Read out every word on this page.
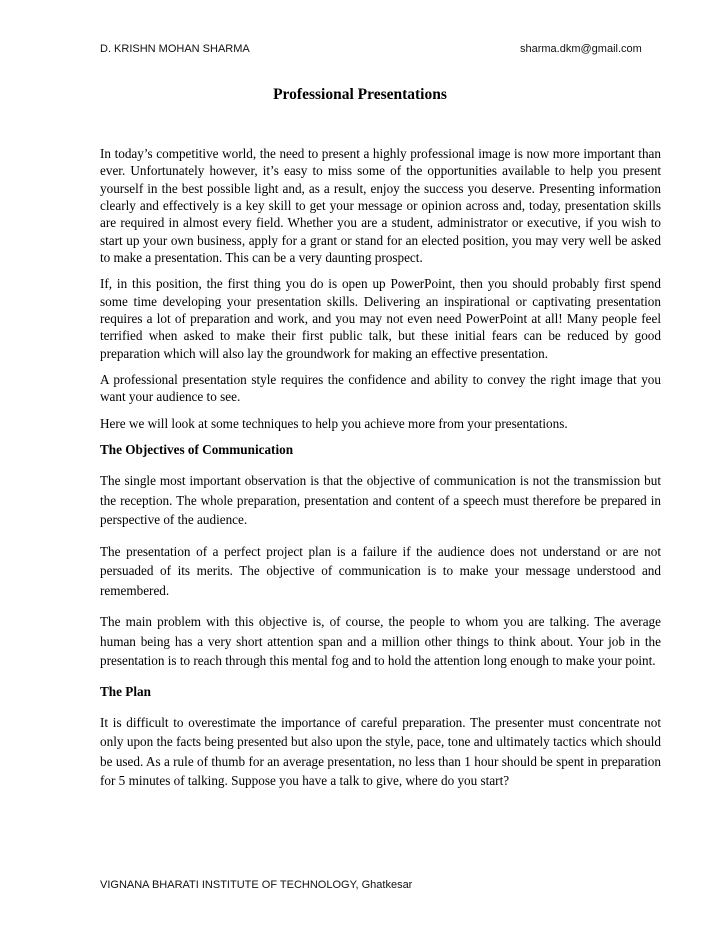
D. KRISHN MOHAN SHARMA	sharma.dkm@gmail.com
Professional Presentations

In today’s competitive world, the need to present a highly professional image is now more important than ever. Unfortunately however, it’s easy to miss some of the opportunities available to help you present yourself in the best possible light and, as a result, enjoy the success you deserve. Presenting information clearly and effectively is a key skill to get your message or opinion across and, today, presentation skills are required in almost every field. Whether you are a student, administrator or executive, if you wish to start up your own business, apply for a grant or stand for an elected position, you may very well be asked to make a presentation. This can be a very daunting prospect.

If, in this position, the first thing you do is open up PowerPoint, then you should probably first spend some time developing your presentation skills. Delivering an inspirational or captivating presentation requires a lot of preparation and work, and you may not even need PowerPoint at all! Many people feel terrified when asked to make their first public talk, but these initial fears can be reduced by good preparation which will also lay the groundwork for making an effective presentation.

A professional presentation style requires the confidence and ability to convey the right image that you want your audience to see.

Here we will look at some techniques to help you achieve more from your presentations.

The Objectives of Communication

The single most important observation is that the objective of communication is not the transmission but the reception. The whole preparation, presentation and content of a speech must therefore be prepared in perspective of the audience.

The presentation of a perfect project plan is a failure if the audience does not understand or are not persuaded of its merits. The objective of communication is to make your message understood and remembered.

The main problem with this objective is, of course, the people to whom you are talking. The average human being has a very short attention span and a million other things to think about. Your job in the presentation is to reach through this mental fog and to hold the attention long enough to make your point.

The Plan

It is difficult to overestimate the importance of careful preparation. The presenter must concentrate not only upon the facts being presented but also upon the style, pace, tone and ultimately tactics which should be used. As a rule of thumb for an average presentation, no less than 1 hour should be spent in preparation for 5 minutes of talking. Suppose you have a talk to give, where do you start?

VIGNANA BHARATI INSTITUTE OF TECHNOLOGY, Ghatkesar
